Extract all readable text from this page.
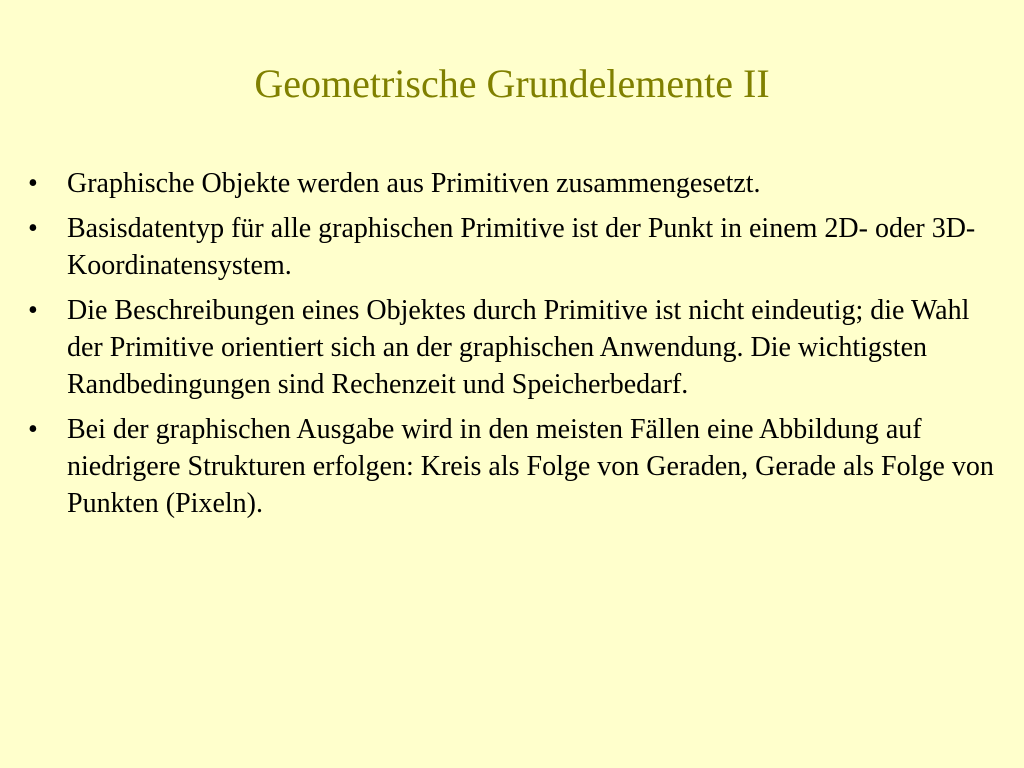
Geometrische Grundelemente II
•	Graphische Objekte werden aus Primitiven zusammengesetzt.
•	Basisdatentyp für alle graphischen Primitive ist der Punkt in einem 2D- oder 3D-Koordinatensystem.
•	Die Beschreibungen eines Objektes durch Primitive ist nicht eindeutig; die Wahl der Primitive orientiert sich an der graphischen Anwendung. Die wichtigsten Randbedingungen sind Rechenzeit und Speicherbedarf.
•	Bei der graphischen Ausgabe wird in den meisten Fällen eine Abbildung auf niedrigere Strukturen erfolgen: Kreis als Folge von Geraden, Gerade als Folge von Punkten (Pixeln).
